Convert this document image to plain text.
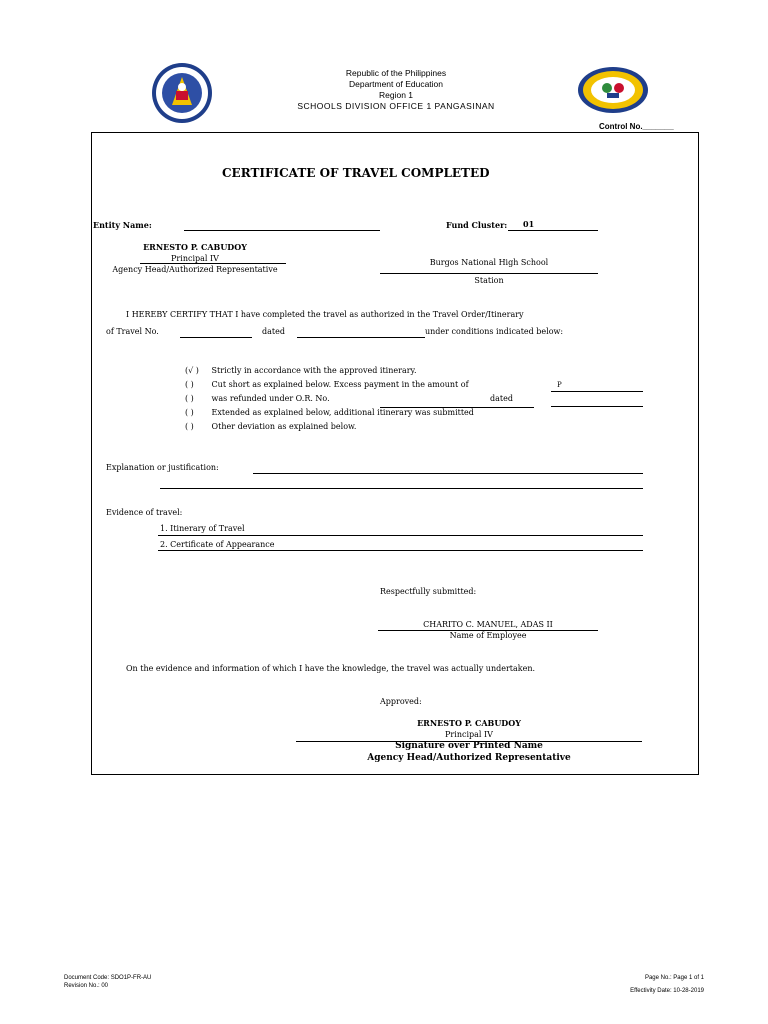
Republic of the Philippines
Department of Education
Region 1
SCHOOLS DIVISION OFFICE 1 PANGASINAN
Control No._______
CERTIFICATE OF TRAVEL COMPLETED
Entity Name:	Fund Cluster: 01
ERNESTO P. CABUDOY
Principal IV
Agency Head/Authorized Representative
Burgos National High School
Station
I HEREBY CERTIFY THAT I have completed the travel as authorized in the Travel Order/Itinerary
of Travel No.	dated	under conditions indicated below:
(√ ) Strictly in accordance with the approved itinerary.
( ) Cut short as explained below. Excess payment in the amount of
( ) was refunded under O.R. No.
P
dated
( ) Extended as explained below, additional itinerary was submitted
( ) Other deviation as explained below.
Explanation or justification:
Evidence of travel:
1. Itinerary of Travel
2. Certificate of Appearance
Respectfully submitted:
CHARITO C. MANUEL, ADAS II
Name of Employee
On the evidence and information of which I have the knowledge, the travel was actually undertaken.
Approved:
ERNESTO P. CABUDOY
Principal IV
Signature over Printed Name
Agency Head/Authorized Representative
Document Code: SDO1P-FR-AU
Revision No.: 00
Page No.: Page 1 of 1
Effectivity Date: 10-28-2019
